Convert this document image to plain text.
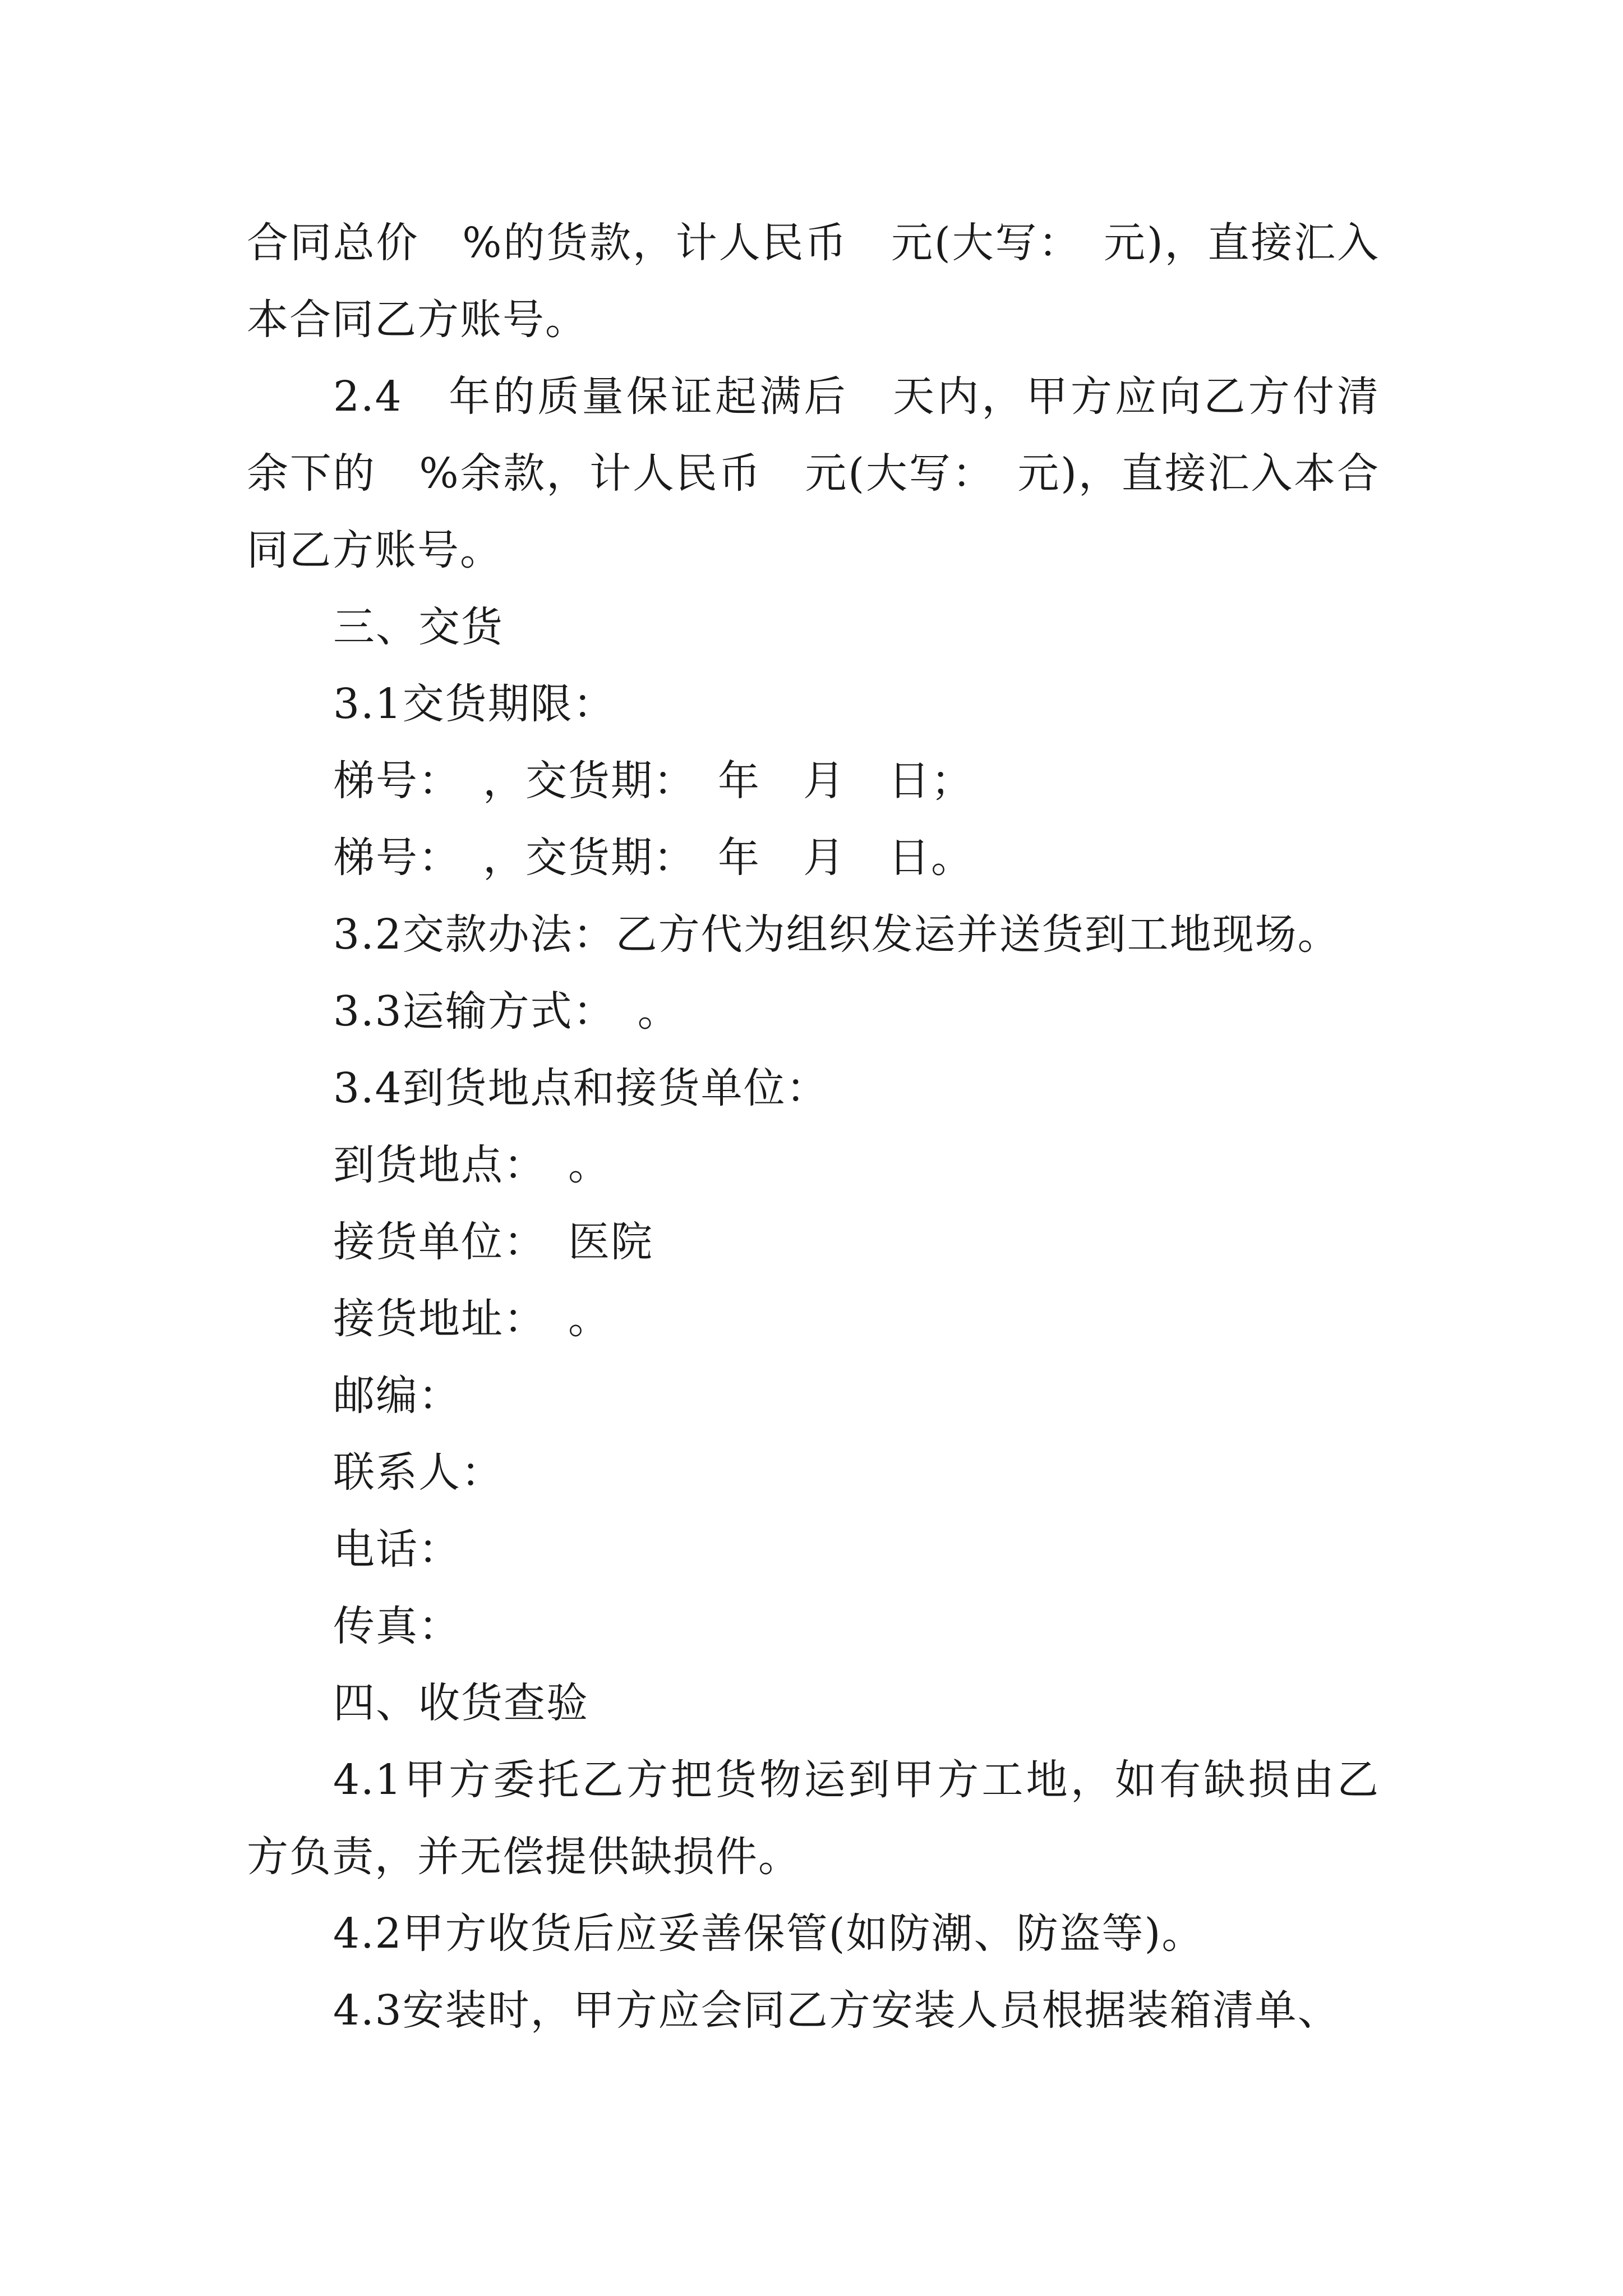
合同总价　%的货款，计人民币　元(大写：　元)，直接汇入本合同乙方账号。

2.4　年的质量保证起满后　天内，甲方应向乙方付清余下的　%余款，计人民币　元(大写：　元)，直接汇入本合同乙方账号。

三、交货

3.1交货期限：

梯号：　，交货期：　年　月　日；

梯号：　，交货期：　年　月　日。

3.2交款办法：乙方代为组织发运并送货到工地现场。

3.3运输方式：　。

3.4到货地点和接货单位：

到货地点：　。

接货单位：　医院

接货地址：　。

邮编：

联系人：

电话：

传真：

四、收货查验

4.1甲方委托乙方把货物运到甲方工地，如有缺损由乙方负责，并无偿提供缺损件。

4.2甲方收货后应妥善保管(如防潮、防盗等)。

4.3安装时，甲方应会同乙方安装人员根据装箱清单、
